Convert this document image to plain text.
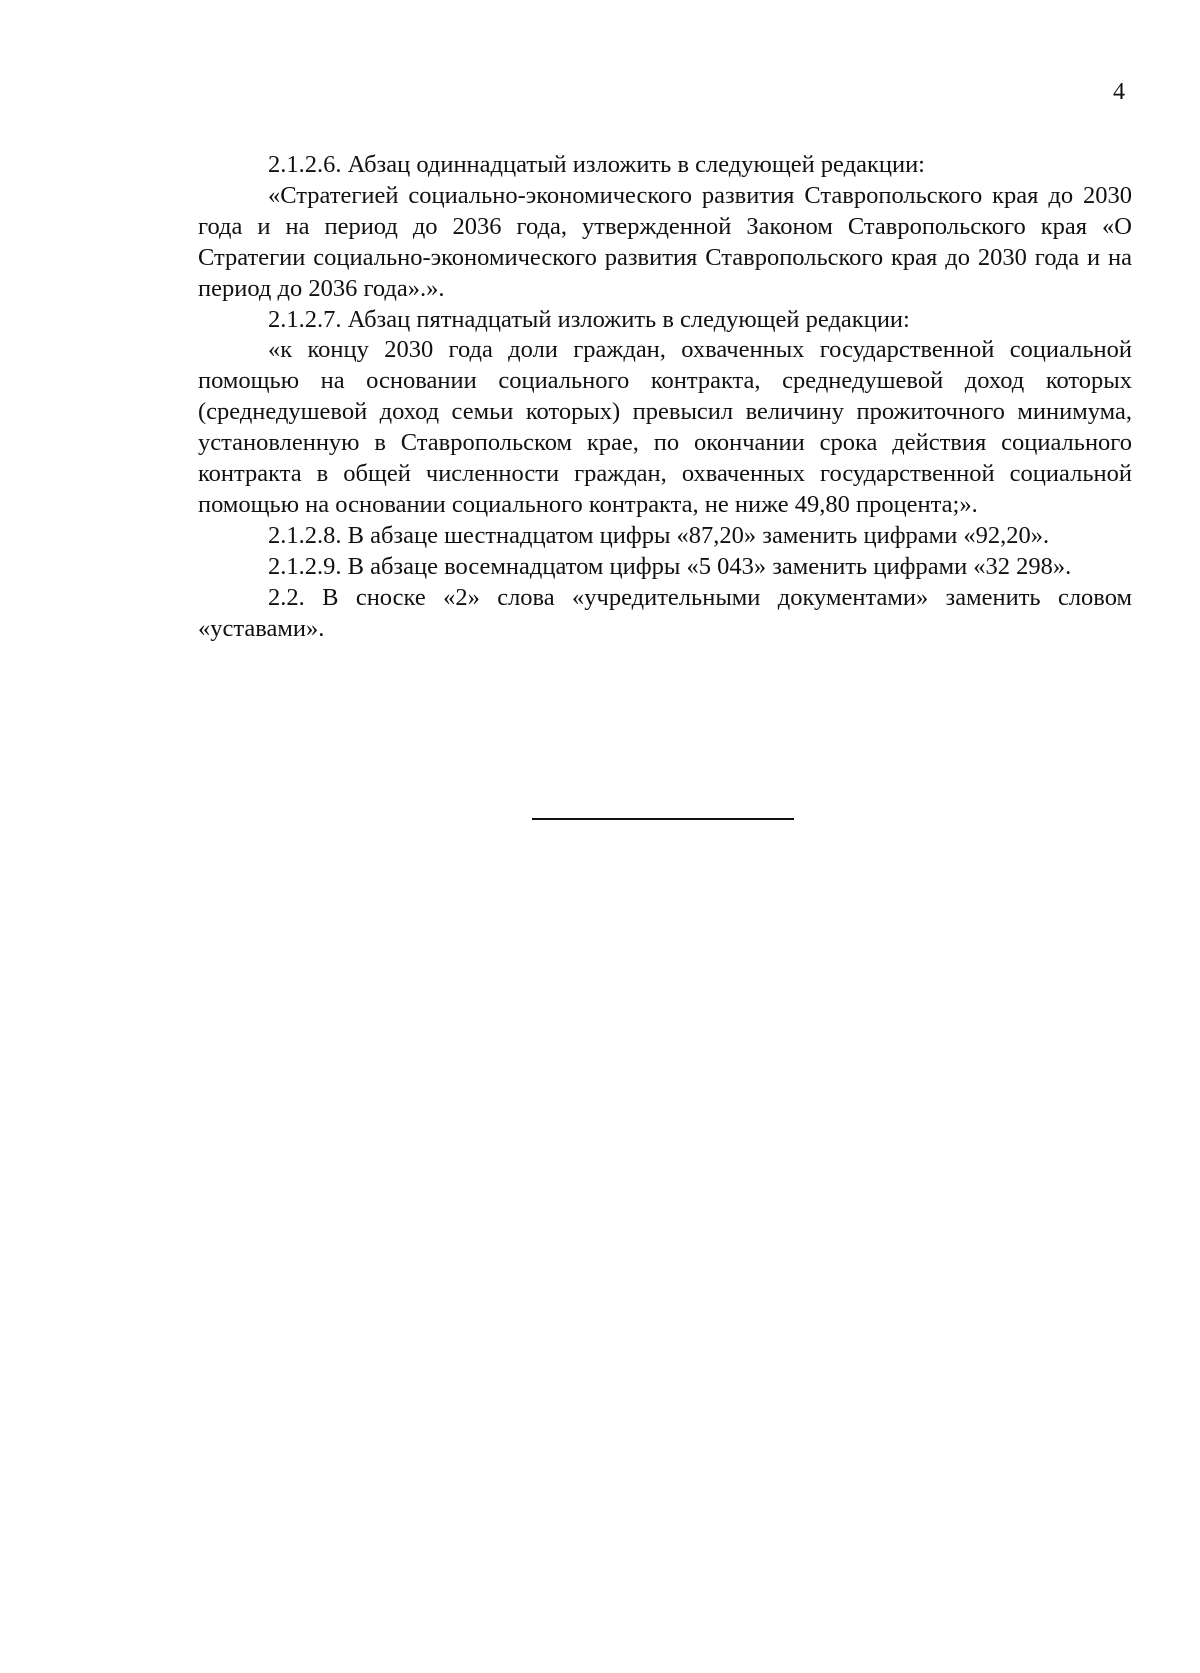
4

2.1.2.6. Абзац одиннадцатый изложить в следующей редакции:

«Стратегией социально-экономического развития Ставропольского края до 2030 года и на период до 2036 года, утвержденной Законом Ставропольского края «О Стратегии социально-экономического развития Ставропольского края до 2030 года и на период до 2036 года».».

2.1.2.7. Абзац пятнадцатый изложить в следующей редакции:

«к концу 2030 года доли граждан, охваченных государственной социальной помощью на основании социального контракта, среднедушевой доход которых (среднедушевой доход семьи которых) превысил величину прожиточного минимума, установленную в Ставропольском крае, по окончании срока действия социального контракта в общей численности граждан, охваченных государственной социальной помощью на основании социального контракта, не ниже 49,80 процента;».

2.1.2.8. В абзаце шестнадцатом цифры «87,20» заменить цифрами «92,20».

2.1.2.9. В абзаце восемнадцатом цифры «5 043» заменить цифрами «32 298».

2.2. В сноске «2» слова «учредительными документами» заменить словом «уставами».
